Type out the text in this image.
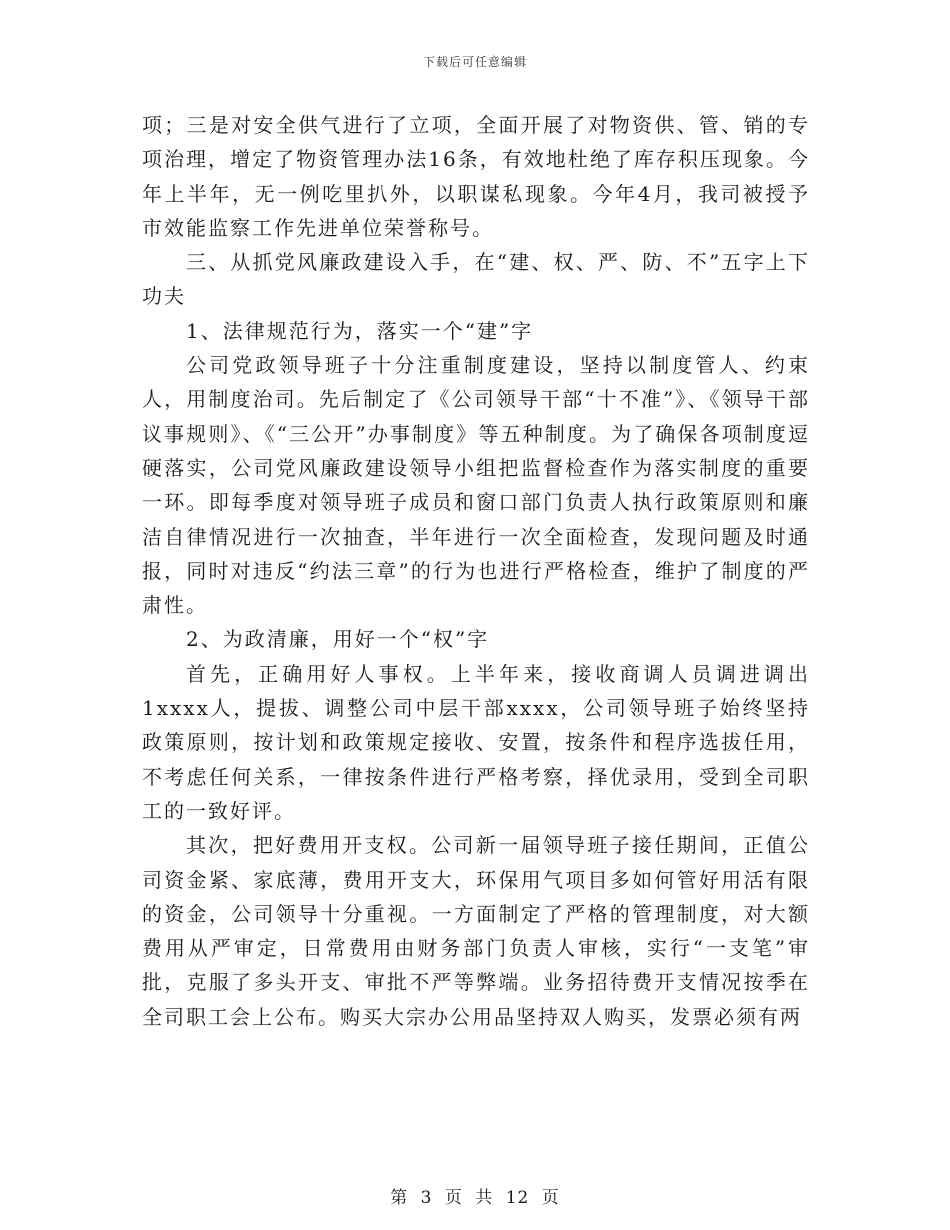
下载后可任意编辑

项；三是对安全供气进行了立项，全面开展了对物资供、管、销的专项治理，增定了物资管理办法16条，有效地杜绝了库存积压现象。今年上半年，无一例吃里扒外，以职谋私现象。今年4月，我司被授予市效能监察工作先进单位荣誉称号。

三、从抓党风廉政建设入手，在“建、权、严、防、不”五字上下功夫

1、法律规范行为，落实一个“建”字

公司党政领导班子十分注重制度建设，坚持以制度管人、约束人，用制度治司。先后制定了《公司领导干部“十不准”》、《领导干部议事规则》、《“三公开”办事制度》等五种制度。为了确保各项制度逗硬落实，公司党风廉政建设领导小组把监督检查作为落实制度的重要一环。即每季度对领导班子成员和窗口部门负责人执行政策原则和廉洁自律情况进行一次抽查，半年进行一次全面检查，发现问题及时通报，同时对违反“约法三章”的行为也进行严格检查，维护了制度的严肃性。

2、为政清廉，用好一个“权”字

首先，正确用好人事权。上半年来，接收商调人员调进调出1xxxx人，提拔、调整公司中层干部xxxx，公司领导班子始终坚持政策原则，按计划和政策规定接收、安置，按条件和程序选拔任用，不考虑任何关系，一律按条件进行严格考察，择优录用，受到全司职工的一致好评。

其次，把好费用开支权。公司新一届领导班子接任期间，正值公司资金紧、家底薄，费用开支大，环保用气项目多如何管好用活有限的资金，公司领导十分重视。一方面制定了严格的管理制度，对大额费用从严审定，日常费用由财务部门负责人审核，实行“一支笔”审批，克服了多头开支、审批不严等弊端。业务招待费开支情况按季在全司职工会上公布。购买大宗办公用品坚持双人购买，发票必须有两

第 3 页 共 12 页
